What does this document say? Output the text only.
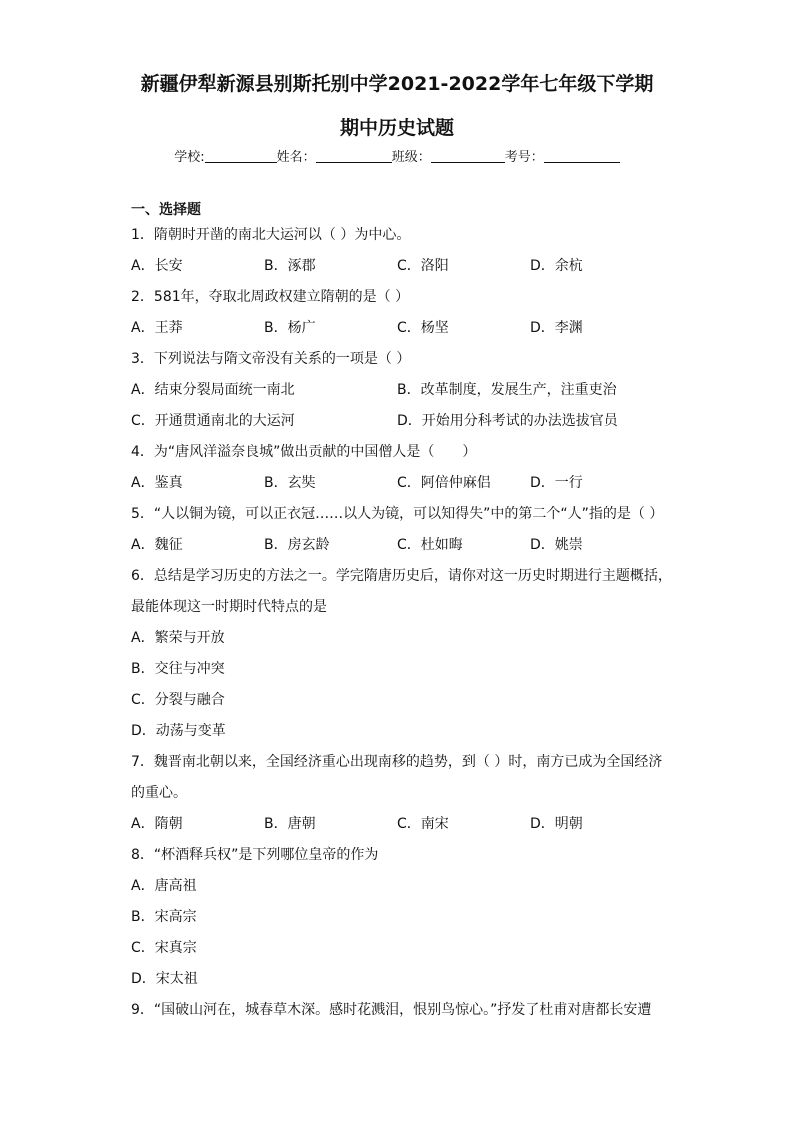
新疆伊犁新源县别斯托别中学2021-2022学年七年级下学期
期中历史试题
学校:	姓名：	班级：	考号：
一、选择题
1．隋朝时开凿的南北大运河以（ ）为中心。
A．长安	B．涿郡	C．洛阳	D．余杭
2．581年，夺取北周政权建立隋朝的是（ ）
A．王莽	B．杨广	C．杨坚	D．李渊
3．下列说法与隋文帝没有关系的一项是（ ）
A．结束分裂局面统一南北	B．改革制度，发展生产，注重吏治
C．开通贯通南北的大运河	D．开始用分科考试的办法选拔官员
4．为“唐风洋溢奈良城”做出贡献的中国僧人是（　　）
A．鉴真	B．玄奘	C．阿倍仲麻侣	D．一行
5．“人以铜为镜，可以正衣冠……以人为镜，可以知得失”中的第二个“人”指的是（ ）
A．魏征	B．房玄龄	C．杜如晦	D．姚崇
6．总结是学习历史的方法之一。学完隋唐历史后，请你对这一历史时期进行主题概括，
最能体现这一时期时代特点的是
A．繁荣与开放
B．交往与冲突
C．分裂与融合
D．动荡与变革
7．魏晋南北朝以来，全国经济重心出现南移的趋势，到（ ）时，南方已成为全国经济
的重心。
A．隋朝	B．唐朝	C．南宋	D．明朝
8．“杯酒释兵权”是下列哪位皇帝的作为
A．唐高祖
B．宋高宗
C．宋真宗
D．宋太祖
9．“国破山河在，城春草木深。感时花溅泪，恨别鸟惊心。”抒发了杜甫对唐都长安遭
